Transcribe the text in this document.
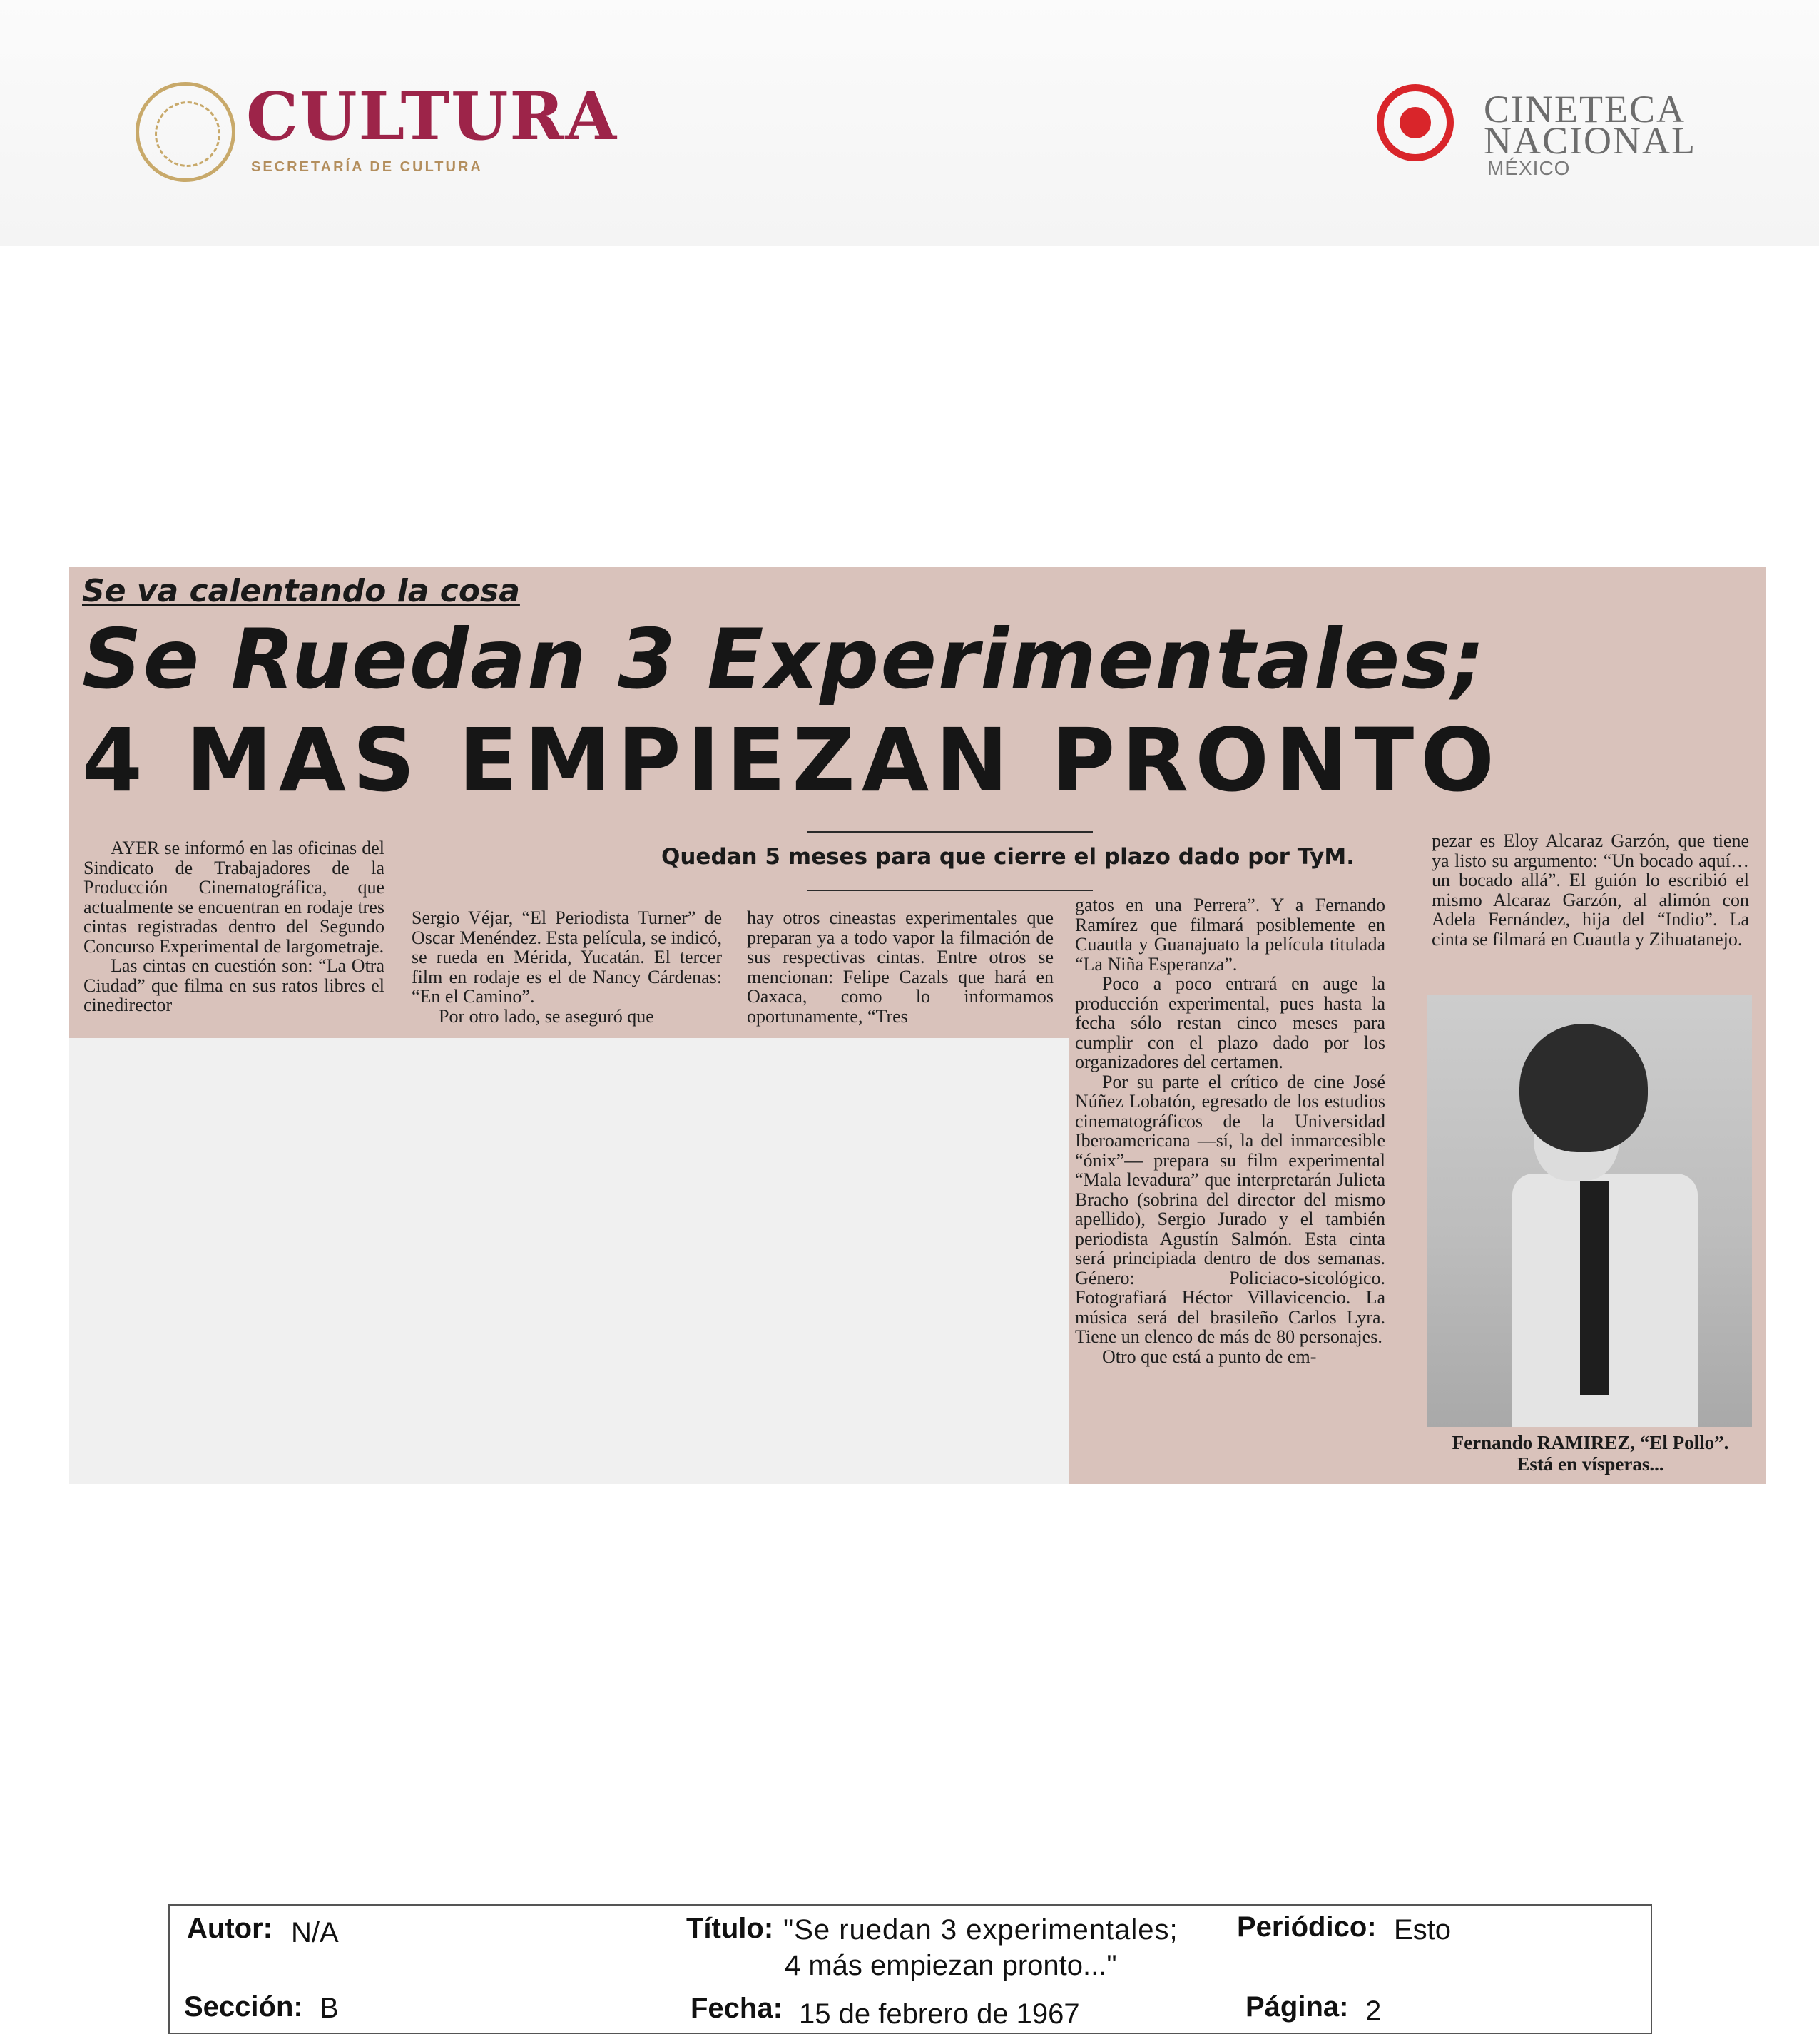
CULTURA
SECRETARÍA DE CULTURA
CINETECA
NACIONAL
MÉXICO
Se va calentando la cosa
Se Ruedan 3 Experimentales;
4 MAS EMPIEZAN PRONTO
Quedan 5 meses para que cierre el plazo dado por TyM.

AYER se informó en las oficinas del Sindicato de Trabajadores de la Producción Cinematográfica, que actualmente se encuentran en rodaje tres cintas registradas dentro del Segundo Concurso Experimental de largometraje.

Las cintas en cuestión son: “La Otra Ciudad” que filma en sus ratos libres el cinedirector

Sergio Véjar, “El Periodista Turner” de Oscar Menéndez. Esta película, se indicó, se rueda en Mérida, Yucatán. El tercer film en rodaje es el de Nancy Cárdenas: “En el Camino”.

Por otro lado, se aseguró que

hay otros cineastas experimentales que preparan ya a todo vapor la filmación de sus respectivas cintas. Entre otros se mencionan: Felipe Cazals que hará en Oaxaca, como lo informamos oportunamente, “Tres

gatos en una Perrera”. Y a Fernando Ramírez que filmará posiblemente en Cuautla y Guanajuato la película titulada “La Niña Esperanza”.

Poco a poco entrará en auge la producción experimental, pues hasta la fecha sólo restan cinco meses para cumplir con el plazo dado por los organizadores del certamen.

Por su parte el crítico de cine José Núñez Lobatón, egresado de los estudios cinematográficos de la Universidad Iberoamericana —sí, la del inmarcesible “ónix”— prepara su film experimental “Mala levadura” que interpretarán Julieta Bracho (sobrina del director del mismo apellido), Sergio Jurado y el también periodista Agustín Salmón. Esta cinta será principiada dentro de dos semanas. Género: Policiaco-sicológico. Fotografiará Héctor Villavicencio. La música será del brasileño Carlos Lyra. Tiene un elenco de más de 80 personajes.

Otro que está a punto de em-

pezar es Eloy Alcaraz Garzón, que tiene ya listo su argumento: “Un bocado aquí… un bocado allá”. El guión lo escribió el mismo Alcaraz Garzón, al alimón con Adela Fernández, hija del “Indio”. La cinta se filmará en Cuautla y Zihuatanejo.

Fernando RAMIREZ, “El Pollo”. Está en vísperas...

Autor: N/A	Título: "Se ruedan 3 experimentales;
4 más empiezan pronto..."
Periódico: Esto
Sección: B	Fecha: 15 de febrero de 1967	Página: 2
